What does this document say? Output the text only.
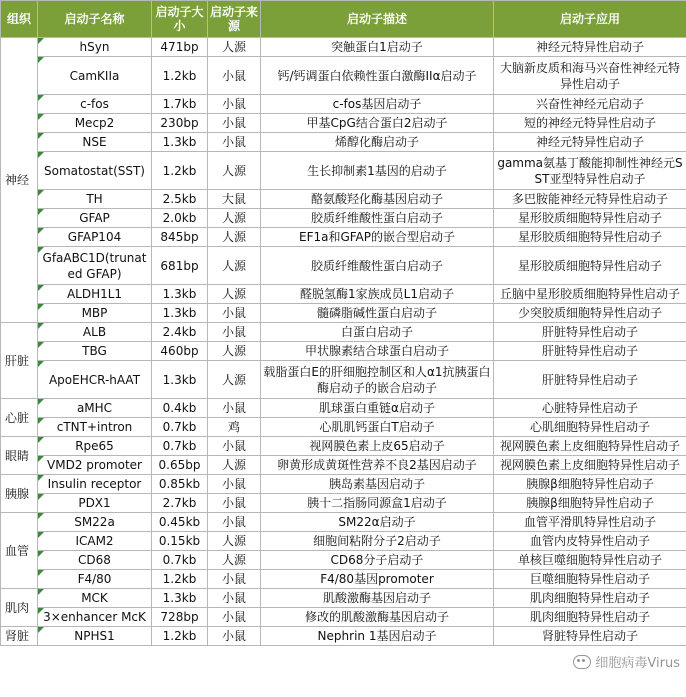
组织	启动子名称	启动子大小	启动子来源	启动子描述	启动子应用
神经	hSyn	471bp	人源	突触蛋白1启动子	神经元特异性启动子
	CamKIIa	1.2kb	小鼠	钙/钙调蛋白依赖性蛋白激酶IIα启动子	大脑新皮质和海马兴奋性神经元特异性启动子
	c-fos	1.7kb	小鼠	c-fos基因启动子	兴奋性神经元启动子
	Mecp2	230bp	小鼠	甲基CpG结合蛋白2启动子	短的神经元特异性启动子
	NSE	1.3kb	小鼠	烯醇化酶启动子	神经元特异性启动子
	Somatostat(SST)	1.2kb	人源	生长抑制素1基因的启动子	gamma氨基丁酸能抑制性神经元SST亚型特异性启动子
	TH	2.5kb	大鼠	酪氨酸羟化酶基因启动子	多巴胺能神经元特异性启动子
	GFAP	2.0kb	人源	胶质纤维酸性蛋白启动子	星形胶质细胞特异性启动子
	GFAP104	845bp	人源	EF1a和GFAP的嵌合型启动子	星形胶质细胞特异性启动子
	GfaABC1D(trunated GFAP)	681bp	人源	胶质纤维酸性蛋白启动子	星形胶质细胞特异性启动子
	ALDH1L1	1.3kb	人源	醛脱氢酶1家族成员L1启动子	丘脑中星形胶质细胞特异性启动子
	MBP	1.3kb	小鼠	髓磷脂碱性蛋白启动子	少突胶质细胞特异性启动子
肝脏	ALB	2.4kb	小鼠	白蛋白启动子	肝脏特异性启动子
	TBG	460bp	人源	甲状腺素结合球蛋白启动子	肝脏特异性启动子
	ApoEHCR-hAAT	1.3kb	人源	载脂蛋白E的肝细胞控制区和人α1抗胰蛋白酶启动子的嵌合启动子	肝脏特异性启动子
心脏	aMHC	0.4kb	小鼠	肌球蛋白重链α启动子	心脏特异性启动子
	cTNT+intron	0.7kb	鸡	心肌肌钙蛋白T启动子	心肌细胞特异性启动子
眼睛	Rpe65	0.7kb	小鼠	视网膜色素上皮65启动子	视网膜色素上皮细胞特异性启动子
	VMD2 promoter	0.65bp	人源	卵黄形成黄斑性营养不良2基因启动子	视网膜色素上皮细胞特异性启动子
胰腺	Insulin receptor	0.85kb	小鼠	胰岛素基因启动子	胰腺β细胞特异性启动子
	PDX1	2.7kb	小鼠	胰十二指肠同源盒1启动子	胰腺β细胞特异性启动子
血管	SM22a	0.45kb	小鼠	SM22α启动子	血管平滑肌特异性启动子
	ICAM2	0.15kb	人源	细胞间粘附分子2启动子	血管内皮特异性启动子
	CD68	0.7kb	人源	CD68分子启动子	单核巨噬细胞特异性启动子
	F4/80	1.2kb	小鼠	F4/80基因promoter	巨噬细胞特异性启动子
肌肉	MCK	1.3kb	小鼠	肌酸激酶基因启动子	肌肉细胞特异性启动子
	3×enhancer McK	728bp	小鼠	修改的肌酸激酶基因启动子	肌肉细胞特异性启动子
肾脏	NPHS1	1.2kb	小鼠	Nephrin 1基因启动子	肾脏特异性启动子
细胞病毒Virus
